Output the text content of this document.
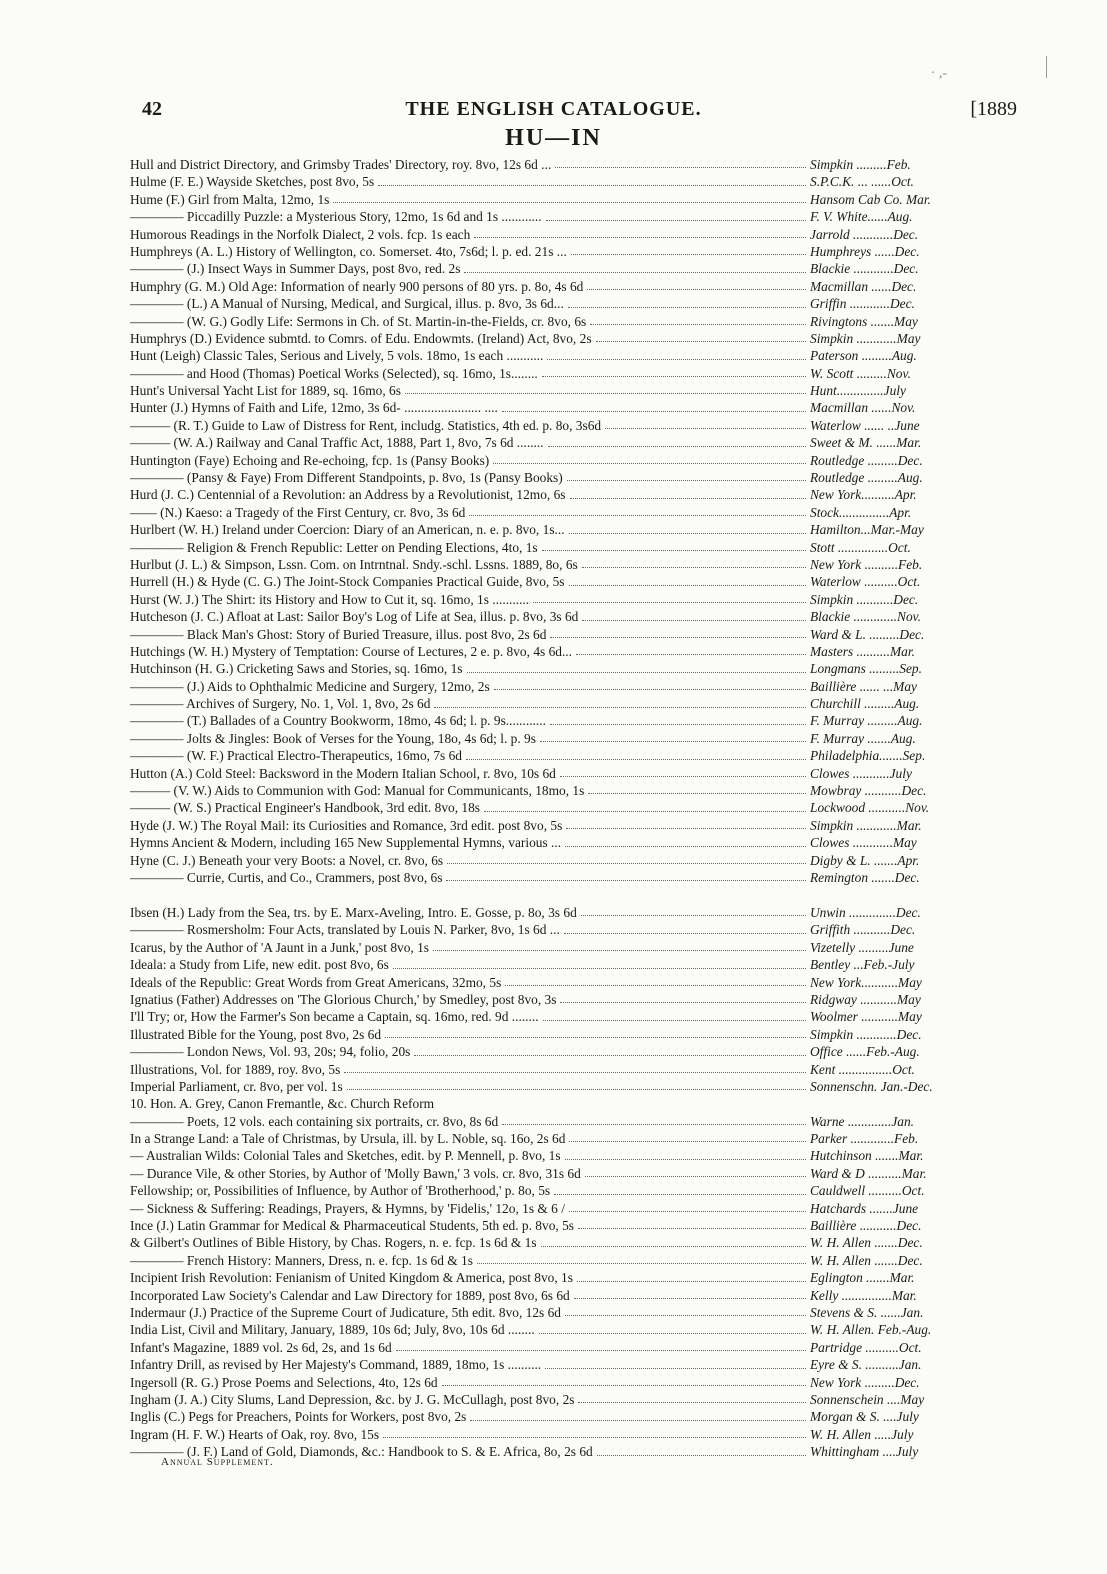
· ,-
42	THE ENGLISH CATALOGUE.	[1889
HU—IN
Hull and District Directory, and Grimsby Trades' Directory, roy. 8vo, 12s 6d ...	Simpkin .........Feb.
Hulme (F. E.) Wayside Sketches, post 8vo, 5s	S.P.C.K. ... ......Oct.
Hume (F.) Girl from Malta, 12mo, 1s	Hansom Cab Co. Mar.
———— Piccadilly Puzzle: a Mysterious Story, 12mo, 1s 6d and 1s ............	F. V. White......Aug.
Humorous Readings in the Norfolk Dialect, 2 vols. fcp. 1s each	Jarrold ............Dec.
Humphreys (A. L.) History of Wellington, co. Somerset. 4to, 7s6d; l. p. ed. 21s ...	Humphreys ......Dec.
———— (J.) Insect Ways in Summer Days, post 8vo, red. 2s	Blackie ............Dec.
Humphry (G. M.) Old Age: Information of nearly 900 persons of 80 yrs. p. 8o, 4s 6d	Macmillan ......Dec.
———— (L.) A Manual of Nursing, Medical, and Surgical, illus. p. 8vo, 3s 6d...	Griffin ............Dec.
———— (W. G.) Godly Life: Sermons in Ch. of St. Martin-in-the-Fields, cr. 8vo, 6s	Rivingtons .......May
Humphrys (D.) Evidence submtd. to Comrs. of Edu. Endowmts. (Ireland) Act, 8vo, 2s	Simpkin ............May
Hunt (Leigh) Classic Tales, Serious and Lively, 5 vols. 18mo, 1s each ...........	Paterson .........Aug.
———— and Hood (Thomas) Poetical Works (Selected), sq. 16mo, 1s........	W. Scott .........Nov.
Hunt's Universal Yacht List for 1889, sq. 16mo, 6s	Hunt..............July
Hunter (J.) Hymns of Faith and Life, 12mo, 3s 6d- ....................... ....	Macmillan ......Nov.
——— (R. T.) Guide to Law of Distress for Rent, includg. Statistics, 4th ed. p. 8o, 3s6d	Waterlow ...... ..June
——— (W. A.) Railway and Canal Traffic Act, 1888, Part 1, 8vo, 7s 6d ........	Sweet & M. ......Mar.
Huntington (Faye) Echoing and Re-echoing, fcp. 1s (Pansy Books)	Routledge .........Dec.
———— (Pansy & Faye) From Different Standpoints, p. 8vo, 1s (Pansy Books)	Routledge .........Aug.
Hurd (J. C.) Centennial of a Revolution: an Address by a Revolutionist, 12mo, 6s	New York..........Apr.
—— (N.) Kaeso: a Tragedy of the First Century, cr. 8vo, 3s 6d	Stock...............Apr.
Hurlbert (W. H.) Ireland under Coercion: Diary of an American, n. e. p. 8vo, 1s...	Hamilton...Mar.-May
———— Religion & French Republic: Letter on Pending Elections, 4to, 1s	Stott ...............Oct.
Hurlbut (J. L.) & Simpson, Lssn. Com. on Intrntnal. Sndy.-schl. Lssns. 1889, 8o, 6s	New York ..........Feb.
Hurrell (H.) & Hyde (C. G.) The Joint-Stock Companies Practical Guide, 8vo, 5s	Waterlow ..........Oct.
Hurst (W. J.) The Shirt: its History and How to Cut it, sq. 16mo, 1s ...........	Simpkin ...........Dec.
Hutcheson (J. C.) Afloat at Last: Sailor Boy's Log of Life at Sea, illus. p. 8vo, 3s 6d	Blackie .............Nov.
———— Black Man's Ghost: Story of Buried Treasure, illus. post 8vo, 2s 6d	Ward & L. .........Dec.
Hutchings (W. H.) Mystery of Temptation: Course of Lectures, 2 e. p. 8vo, 4s 6d...	Masters ..........Mar.
Hutchinson (H. G.) Cricketing Saws and Stories, sq. 16mo, 1s	Longmans .........Sep.
———— (J.) Aids to Ophthalmic Medicine and Surgery, 12mo, 2s	Baillière ...... ...May
———— Archives of Surgery, No. 1, Vol. 1, 8vo, 2s 6d	Churchill .........Aug.
———— (T.) Ballades of a Country Bookworm, 18mo, 4s 6d; l. p. 9s............	F. Murray .........Aug.
———— Jolts & Jingles: Book of Verses for the Young, 18o, 4s 6d; l. p. 9s	F. Murray .......Aug.
———— (W. F.) Practical Electro-Therapeutics, 16mo, 7s 6d	Philadelphia.......Sep.
Hutton (A.) Cold Steel: Backsword in the Modern Italian School, r. 8vo, 10s 6d	Clowes ...........July
——— (V. W.) Aids to Communion with God: Manual for Communicants, 18mo, 1s	Mowbray ...........Dec.
——— (W. S.) Practical Engineer's Handbook, 3rd edit. 8vo, 18s	Lockwood ...........Nov.
Hyde (J. W.) The Royal Mail: its Curiosities and Romance, 3rd edit. post 8vo, 5s	Simpkin ............Mar.
Hymns Ancient & Modern, including 165 New Supplemental Hymns, various ...	Clowes ............May
Hyne (C. J.) Beneath your very Boots: a Novel, cr. 8vo, 6s	Digby & L. .......Apr.
———— Currie, Curtis, and Co., Crammers, post 8vo, 6s	Remington .......Dec.
Ibsen (H.) Lady from the Sea, trs. by E. Marx-Aveling, Intro. E. Gosse, p. 8o, 3s 6d	Unwin ..............Dec.
———— Rosmersholm: Four Acts, translated by Louis N. Parker, 8vo, 1s 6d ...	Griffith ...........Dec.
Icarus, by the Author of 'A Jaunt in a Junk,' post 8vo, 1s	Vizetelly .........June
Ideala: a Study from Life, new edit. post 8vo, 6s	Bentley ...Feb.-July
Ideals of the Republic: Great Words from Great Americans, 32mo, 5s	New York...........May
Ignatius (Father) Addresses on 'The Glorious Church,' by Smedley, post 8vo, 3s	Ridgway ...........May
I'll Try; or, How the Farmer's Son became a Captain, sq. 16mo, red. 9d ........	Woolmer ...........May
Illustrated Bible for the Young, post 8vo, 2s 6d	Simpkin ............Dec.
———— London News, Vol. 93, 20s; 94, folio, 20s	Office ......Feb.-Aug.
Illustrations, Vol. for 1889, roy. 8vo, 5s	Kent ................Oct.
Imperial Parliament, cr. 8vo, per vol. 1s	Sonnenschn. Jan.-Dec.
10. Hon. A. Grey, Canon Fremantle, &c. Church Reform
———— Poets, 12 vols. each containing six portraits, cr. 8vo, 8s 6d	Warne .............Jan.
In a Strange Land: a Tale of Christmas, by Ursula, ill. by L. Noble, sq. 16o, 2s 6d	Parker .............Feb.
— Australian Wilds: Colonial Tales and Sketches, edit. by P. Mennell, p. 8vo, 1s	Hutchinson .......Mar.
— Durance Vile, & other Stories, by Author of 'Molly Bawn,' 3 vols. cr. 8vo, 31s 6d	Ward & D ..........Mar.
Fellowship; or, Possibilities of Influence, by Author of 'Brotherhood,' p. 8o, 5s	Cauldwell ..........Oct.
— Sickness & Suffering: Readings, Prayers, & Hymns, by 'Fidelis,' 12o, 1s & 6 /	Hatchards .......June
Ince (J.) Latin Grammar for Medical & Pharmaceutical Students, 5th ed. p. 8vo, 5s	Baillière ...........Dec.
& Gilbert's Outlines of Bible History, by Chas. Rogers, n. e. fcp. 1s 6d & 1s	W. H. Allen .......Dec.
———— French History: Manners, Dress, n. e. fcp. 1s 6d & 1s	W. H. Allen .......Dec.
Incipient Irish Revolution: Fenianism of United Kingdom & America, post 8vo, 1s	Eglington .......Mar.
Incorporated Law Society's Calendar and Law Directory for 1889, post 8vo, 6s 6d	Kelly ...............Mar.
Indermaur (J.) Practice of the Supreme Court of Judicature, 5th edit. 8vo, 12s 6d	Stevens & S. ......Jan.
India List, Civil and Military, January, 1889, 10s 6d; July, 8vo, 10s 6d ........	W. H. Allen. Feb.-Aug.
Infant's Magazine, 1889 vol. 2s 6d, 2s, and 1s 6d	Partridge ..........Oct.
Infantry Drill, as revised by Her Majesty's Command, 1889, 18mo, 1s ..........	Eyre & S. ..........Jan.
Ingersoll (R. G.) Prose Poems and Selections, 4to, 12s 6d	New York .........Dec.
Ingham (J. A.) City Slums, Land Depression, &c. by J. G. McCullagh, post 8vo, 2s	Sonnenschein ....May
Inglis (C.) Pegs for Preachers, Points for Workers, post 8vo, 2s	Morgan & S. ....July
Ingram (H. F. W.) Hearts of Oak, roy. 8vo, 15s	W. H. Allen .....July
———— (J. F.) Land of Gold, Diamonds, &c.: Handbook to S. & E. Africa, 8o, 2s 6d	Whittingham ....July
Annual Supplement.
